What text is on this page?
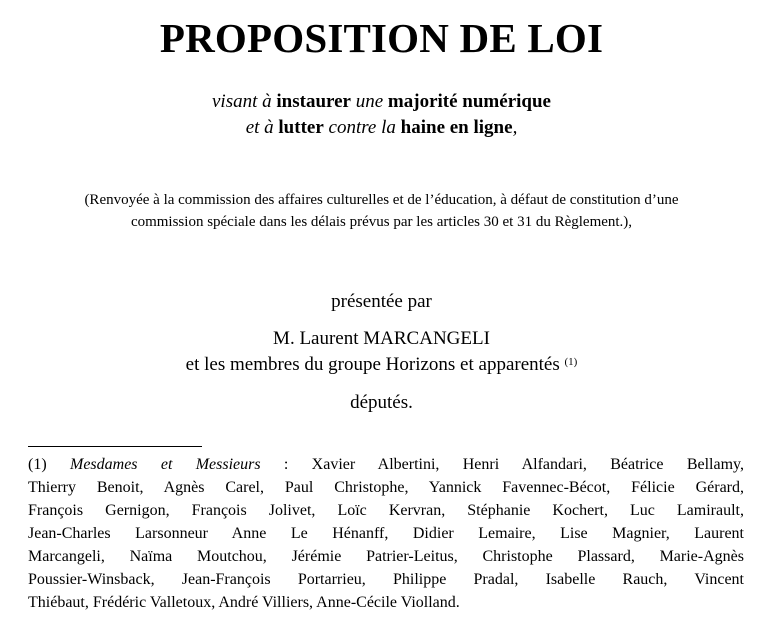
PROPOSITION DE LOI
visant à instaurer une majorité numérique
et à lutter contre la haine en ligne,
(Renvoyée à la commission des affaires culturelles et de l’éducation, à défaut de constitution d’une
commission spéciale dans les délais prévus par les articles 30 et 31 du Règlement.),
présentée par
M. Laurent MARCANGELI
et les membres du groupe Horizons et apparentés $^{(1)}$
députés.
(1) Mesdames et Messieurs : Xavier Albertini, Henri Alfandari, Béatrice Bellamy,
Thierry Benoit, Agnès Carel, Paul Christophe, Yannick Favennec-Bécot, Félicie Gérard,
François Gernigon, François Jolivet, Loïc Kervran, Stéphanie Kochert, Luc Lamirault,
Jean-Charles Larsonneur Anne Le Hénanff, Didier Lemaire, Lise Magnier, Laurent
Marcangeli, Naïma Moutchou, Jérémie Patrier-Leitus, Christophe Plassard, Marie-Agnès
Poussier-Winsback, Jean-François Portarrieu, Philippe Pradal, Isabelle Rauch, Vincent
Thiébaut, Frédéric Valletoux, André Villiers, Anne-Cécile Violland.
